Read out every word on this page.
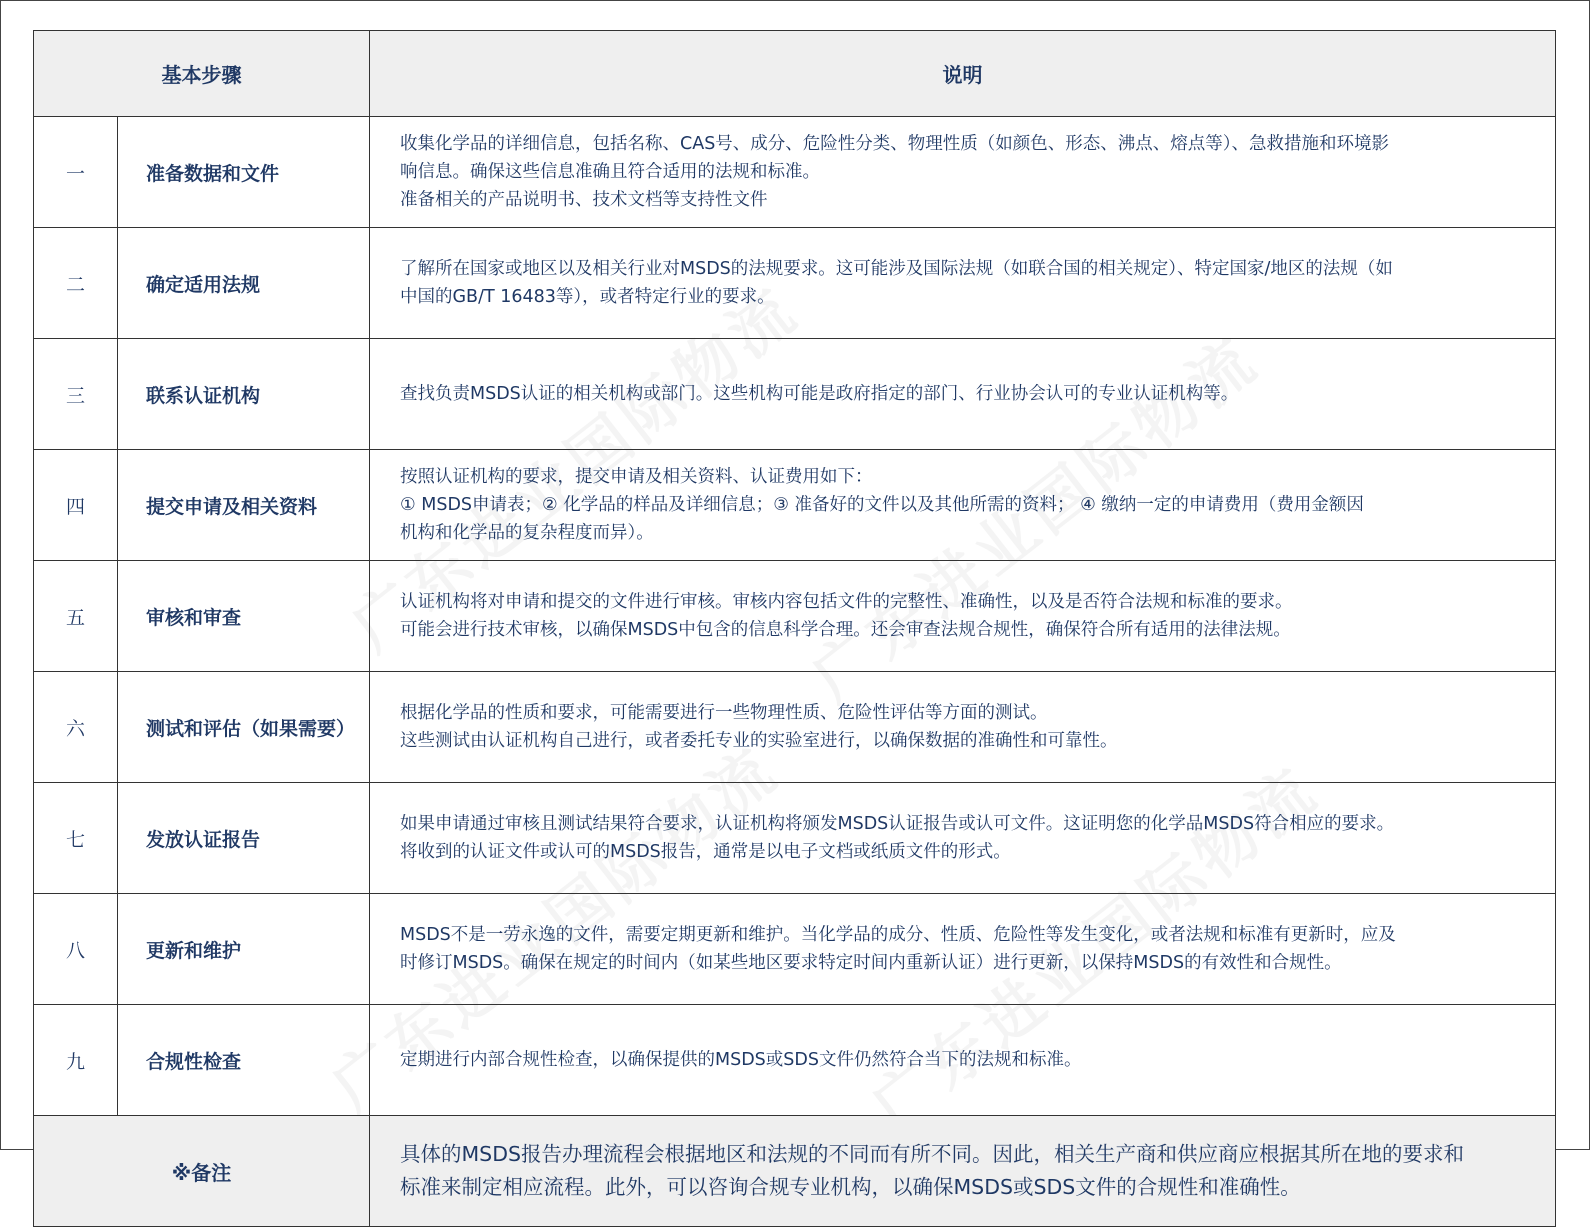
基本步骤		说明
一	准备数据和文件	收集化学品的详细信息，包括名称、CAS号、成分、危险性分类、物理性质（如颜色、形态、沸点、熔点等）、急救措施和环境影
响信息。确保这些信息准确且符合适用的法规和标准。
准备相关的产品说明书、技术文档等支持性文件

二	确定适用法规	了解所在国家或地区以及相关行业对MSDS的法规要求。这可能涉及国际法规（如联合国的相关规定）、特定国家/地区的法规（如
中国的GB/T 16483等），或者特定行业的要求。

三	联系认证机构	查找负责MSDS认证的相关机构或部门。这些机构可能是政府指定的部门、行业协会认可的专业认证机构等。

四	提交申请及相关资料	按照认证机构的要求，提交申请及相关资料、认证费用如下：
① MSDS申请表；② 化学品的样品及详细信息；③ 准备好的文件以及其他所需的资料； ④ 缴纳一定的申请费用（费用金额因
机构和化学品的复杂程度而异）。

五	审核和审查	认证机构将对申请和提交的文件进行审核。审核内容包括文件的完整性、准确性，以及是否符合法规和标准的要求。
可能会进行技术审核，以确保MSDS中包含的信息科学合理。还会审查法规合规性，确保符合所有适用的法律法规。

六	测试和评估（如果需要）	根据化学品的性质和要求，可能需要进行一些物理性质、危险性评估等方面的测试。
这些测试由认证机构自己进行，或者委托专业的实验室进行，以确保数据的准确性和可靠性。

七	发放认证报告	如果申请通过审核且测试结果符合要求，认证机构将颁发MSDS认证报告或认可文件。这证明您的化学品MSDS符合相应的要求。
将收到的认证文件或认可的MSDS报告，通常是以电子文档或纸质文件的形式。

八	更新和维护	MSDS不是一劳永逸的文件，需要定期更新和维护。当化学品的成分、性质、危险性等发生变化，或者法规和标准有更新时，应及
时修订MSDS。确保在规定的时间内（如某些地区要求特定时间内重新认证）进行更新，以保持MSDS的有效性和合规性。

九	合规性检查	定期进行内部合规性检查，以确保提供的MSDS或SDS文件仍然符合当下的法规和标准。

※备注		具体的MSDS报告办理流程会根据地区和法规的不同而有所不同。因此，相关生产商和供应商应根据其所在地的要求和
标准来制定相应流程。此外，可以咨询合规专业机构，以确保MSDS或SDS文件的合规性和准确性。
